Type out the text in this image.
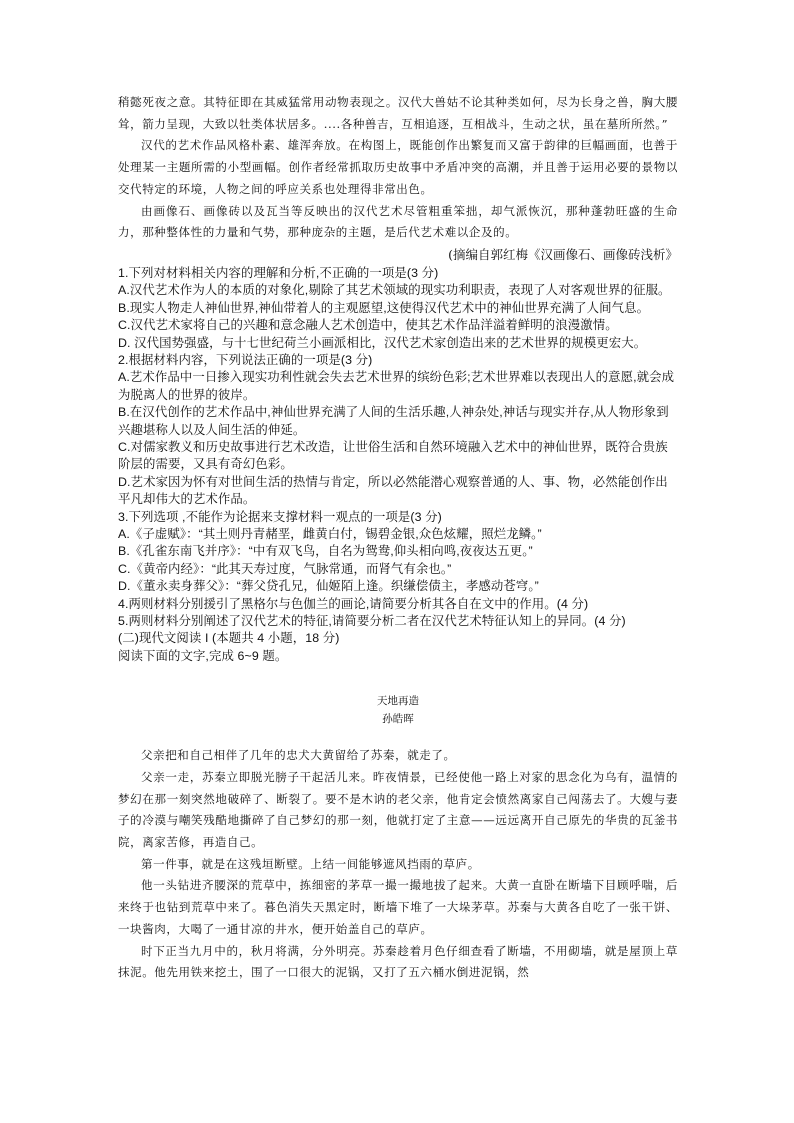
稍懿死夜之意。其特征即在其威猛常用动物表现之。汉代大兽姑不论其种类如何，尽为长身之兽，胸大腰耸，箭力呈现，大致以牡类体状居多。....各种兽吉，互相追逐，互相战斗，生动之状，虽在墓所所然。”

汉代的艺术作品风格朴素、雄浑奔放。在构图上，既能创作出繁复而又富于韵律的巨幅画面，也善于处理某一主题所需的小型画幅。创作者经常抓取历史故事中矛盾冲突的高潮，并且善于运用必要的景物以交代特定的环境，人物之间的呼应关系也处理得非常出色。

由画像石、画像砖以及瓦当等反映出的汉代艺术尽管粗重笨拙，却气派恢沉，那种蓬勃旺盛的生命力，那种整体性的力量和气势，那种庞杂的主题，是后代艺术难以企及的。

(摘编自郭红梅《汉画像石、画像砖浅析》

1.下列对材料相关内容的理解和分析,不正确的一项是(3 分)

A.汉代艺术作为人的本质的对象化,剔除了其艺术领域的现实功利职责，表现了人对客观世界的征服。

B.现实人物走人神仙世界,神仙带着人的主观愿望,这使得汉代艺术中的神仙世界充满了人间气息。

C.汉代艺术家将自己的兴趣和意念融人艺术创造中，使其艺术作品洋溢着鲜明的浪漫激情。

D. 汉代国势强盛，与十七世纪荷兰小画派相比，汉代艺术家创造出来的艺术世界的规模更宏大。

2.根据材料内容，下列说法正确的一项是(3 分)

A.艺术作品中一日掺入现实功利性就会失去艺术世界的缤纷色彩;艺术世界难以表现出人的意愿,就会成为脱离人的世界的彼岸。

B.在汉代创作的艺术作品中,神仙世界充满了人间的生活乐趣,人神杂处,神话与现实并存,从人物形象到兴趣堪称人以及人间生活的伸延。

C.对儒家教义和历史故事进行艺术改造，让世俗生活和自然环境融入艺术中的神仙世界，既符合贵族阶层的需要，又具有奇幻色彩。

D.艺术家因为怀有对世间生活的热情与肯定，所以必然能潜心观察普通的人、事、物，必然能创作出平凡却伟大的艺术作品。

3.下列选项 ,不能作为论据来支撑材料一观点的一项是(3 分)

A.《子虚赋》：“其土则丹青赭垩，雌黄白付，锡碧金银,众色炫耀，照烂龙鳞。”

B.《孔雀东南飞并序》：“中有双飞鸟，自名为鸳鸯,仰头相向鸣,夜夜达五更。”

C.《黄帝内经》：“此其天寿过度，气脉常通，而肾气有余也。”

D.《董永卖身葬父》：“葬父贷孔兄，仙姬陌上逢。织缣偿债主，孝感动苍穹。”

4.两则材料分别援引了黑格尔与色伽兰的画论,请简要分析其各自在文中的作用。(4 分)

5.两则材料分别阐述了汉代艺术的特征,请简要分析二者在汉代艺术特征认知上的异同。(4 分)

(二)现代文阅读 I (本题共 4 小题，18 分)

阅读下面的文字,完成 6~9 题。

天地再造

孙皓晖

父亲把和自己相伴了几年的忠犬大黄留给了苏秦，就走了。

父亲一走，苏秦立即脱光膀子干起活儿来。昨夜情景，已经使他一路上对家的思念化为乌有，温情的梦幻在那一刻突然地破碎了、断裂了。要不是木讷的老父亲，他肯定会愤然离家自己闯荡去了。大嫂与妻子的冷漠与嘲笑残酷地撕碎了自己梦幻的那一刻，他就打定了主意——远远离开自己原先的华贵的瓦釜书院，离家苦修，再造自己。

第一件事，就是在这残垣断壁。上结一间能够遮风挡雨的草庐。

他一头钻进齐腰深的荒草中，拣细密的茅草一撮一撮地拔了起来。大黄一直卧在断墙下目顾呼喘，后来终于也钻到荒草中来了。暮色消失天黑定时，断墙下堆了一大垛茅草。苏秦与大黄各自吃了一张干饼、一块酱肉，大喝了一通甘凉的井水，便开始盖自己的草庐。

时下正当九月中的，秋月将满，分外明亮。苏秦趁着月色仔细查看了断墙，不用砌墙，就是屋顶上草抹泥。他先用铁来挖土，围了一口很大的泥锅，又打了五六桶水倒进泥锅，然
